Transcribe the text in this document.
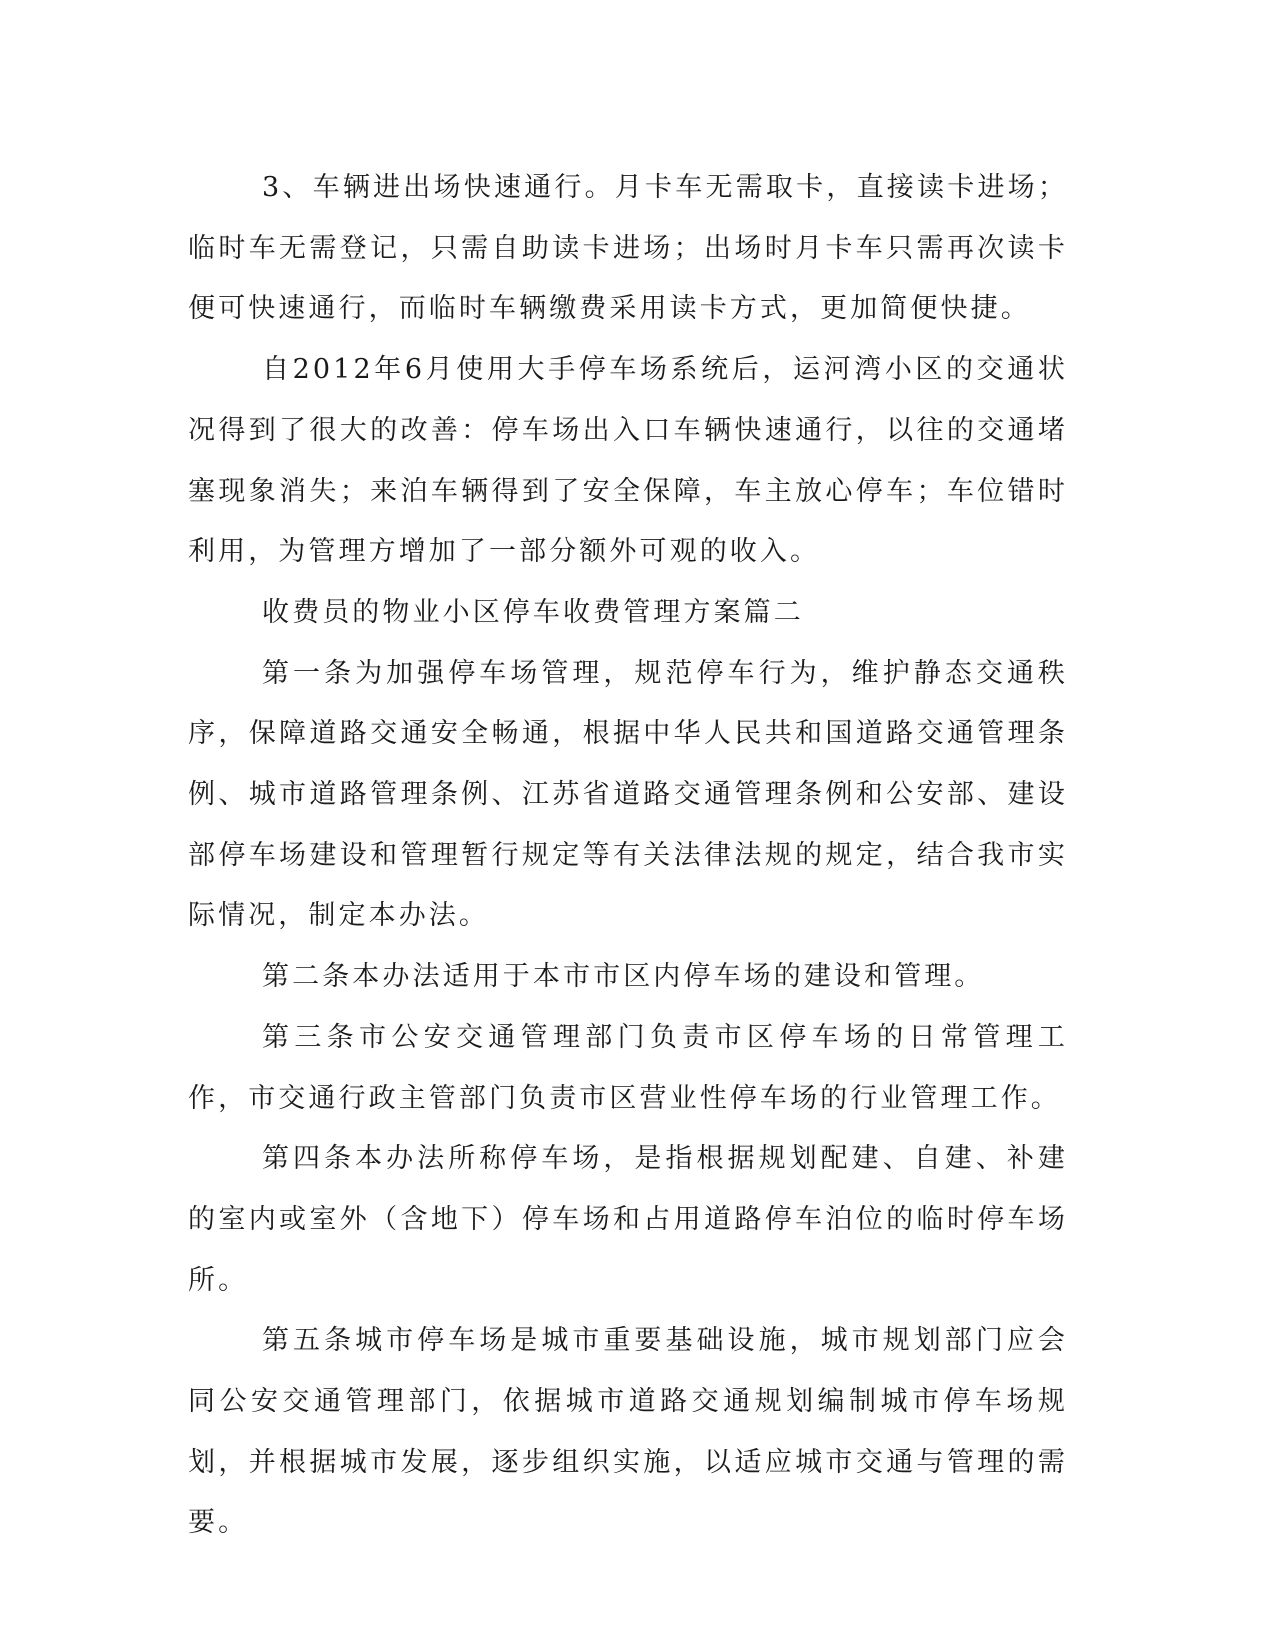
3、车辆进出场快速通行。月卡车无需取卡，直接读卡进场；临时车无需登记，只需自助读卡进场；出场时月卡车只需再次读卡便可快速通行，而临时车辆缴费采用读卡方式，更加简便快捷。

自2012年6月使用大手停车场系统后，运河湾小区的交通状况得到了很大的改善：停车场出入口车辆快速通行，以往的交通堵塞现象消失；来泊车辆得到了安全保障，车主放心停车；车位错时利用，为管理方增加了一部分额外可观的收入。

收费员的物业小区停车收费管理方案篇二

第一条为加强停车场管理，规范停车行为，维护静态交通秩序，保障道路交通安全畅通，根据中华人民共和国道路交通管理条例、城市道路管理条例、江苏省道路交通管理条例和公安部、建设部停车场建设和管理暂行规定等有关法律法规的规定，结合我市实际情况，制定本办法。

第二条本办法适用于本市市区内停车场的建设和管理。

第三条市公安交通管理部门负责市区停车场的日常管理工作，市交通行政主管部门负责市区营业性停车场的行业管理工作。

第四条本办法所称停车场，是指根据规划配建、自建、补建的室内或室外（含地下）停车场和占用道路停车泊位的临时停车场所。

第五条城市停车场是城市重要基础设施，城市规划部门应会同公安交通管理部门，依据城市道路交通规划编制城市停车场规划，并根据城市发展，逐步组织实施，以适应城市交通与管理的需要。
